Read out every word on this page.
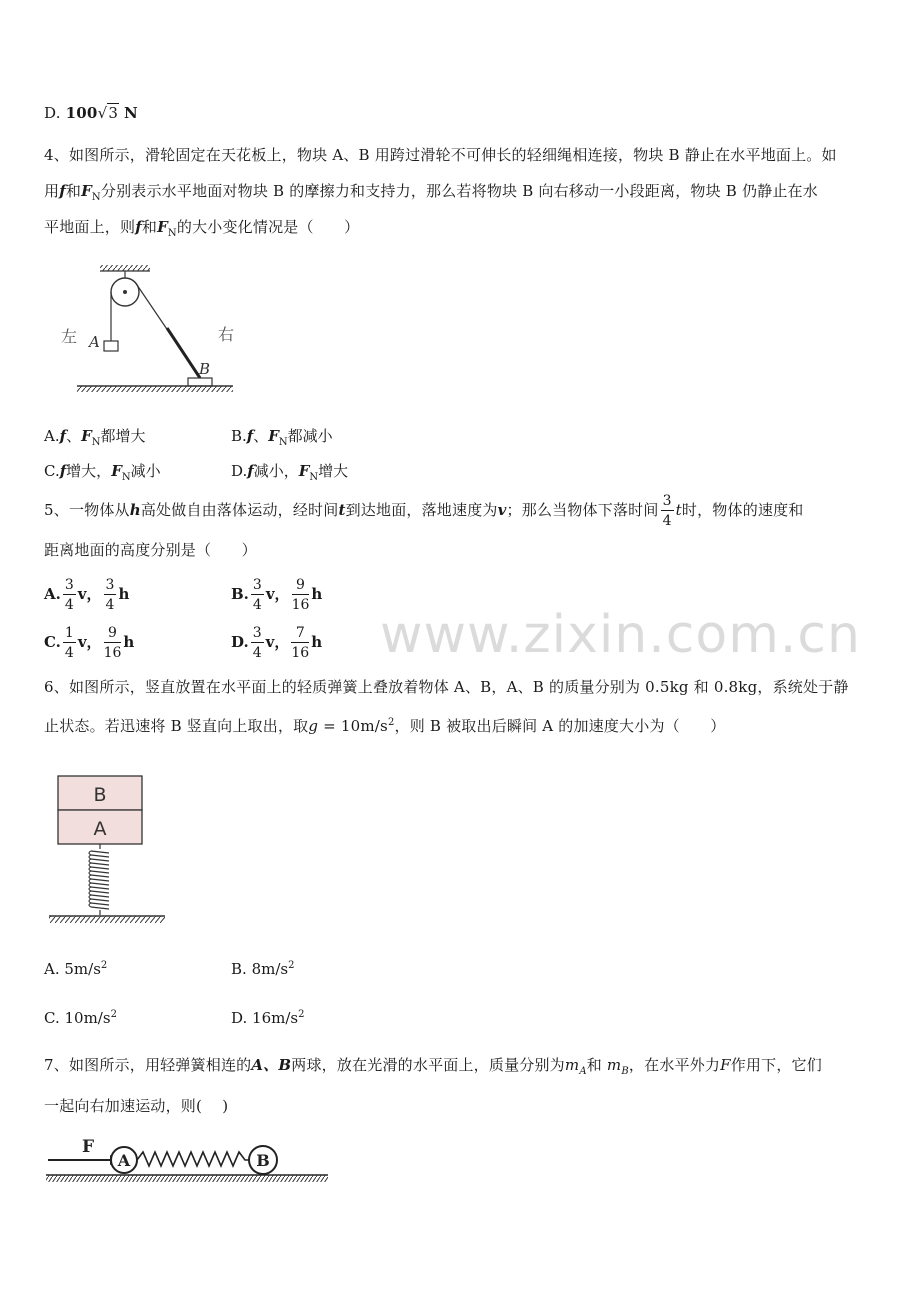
D. 100√3 N
4、如图所示，滑轮固定在天花板上，物块 A、B 用跨过滑轮不可伸长的轻细绳相连接，物块 B 静止在水平地面上。如
用f和$F_N$分别表示水平地面对物块 B 的摩擦力和支持力，那么若将物块 B 向右移动一小段距离，物块 B 仍静止在水
平地面上，则f和$F_N$的大小变化情况是（　　）
左	右
A
B
A.f、$F_N$都增大	B.f、$F_N$都减小
C.f增大，$F_N$减小	D.f减小，$F_N$增大
5、一物体从h高处做自由落体运动，经时间t到达地面，落地速度为v；那么当物体下落时间 $\frac{3}{4}$ t时，物体的速度和
距离地面的高度分别是（　　）
A. $\frac{3}{4}$ v， $\frac{3}{4}$ h	B. $\frac{3}{4}$ v， $\frac{9}{16}$ h
C. $\frac{1}{4}$ v， $\frac{9}{16}$ h	D. $\frac{3}{4}$ v， $\frac{7}{16}$ h www.zixin.com.cn
6、如图所示，竖直放置在水平面上的轻质弹簧上叠放着物体 A、B，A、B 的质量分别为 0.5kg 和 0.8kg，系统处于静
止状态。若迅速将 B 竖直向上取出，取$g = 10m/s^2$，则 B 被取出后瞬间 A 的加速度大小为（　　）
B
A
A. $5m/s^2$	B. $8m/s^2$
C. $10m/s^2$	D. $16m/s^2$
7、如图所示，用轻弹簧相连的A、B两球，放在光滑的水平面上，质量分别为$m_A$和 $m_B$，在水平外力F作用下，它们
一起向右加速运动，则(　 )
F
A	B
